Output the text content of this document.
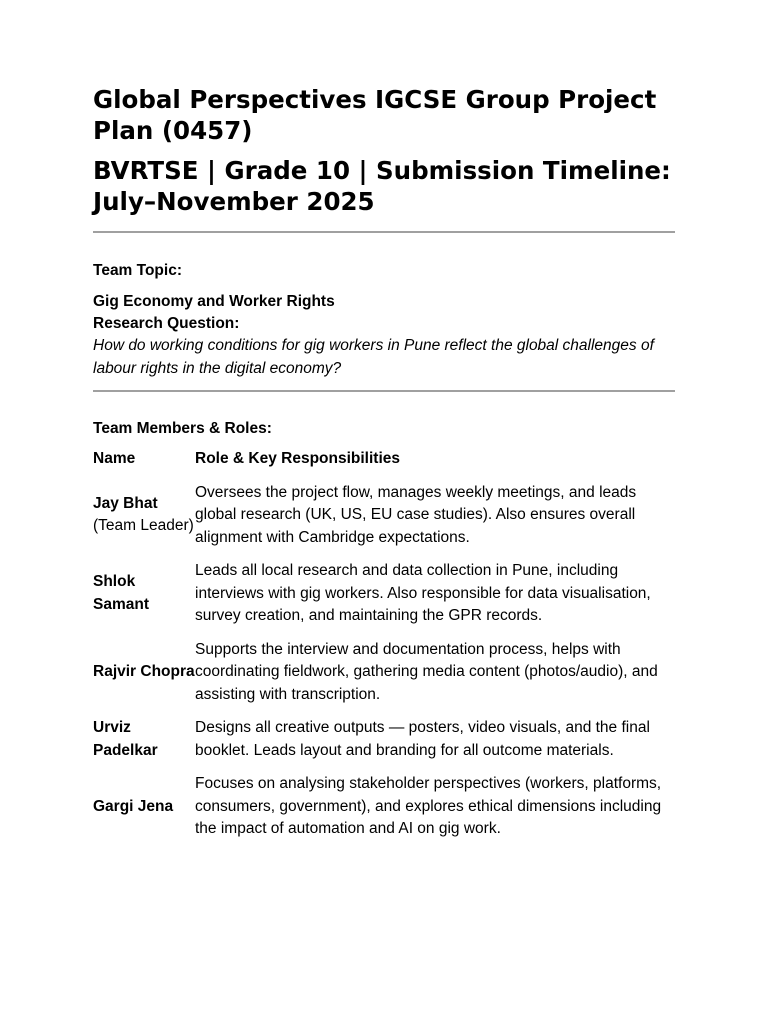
Global Perspectives IGCSE Group Project Plan (0457)
BVRTSE | Grade 10 | Submission Timeline: July–November 2025
Team Topic:
Gig Economy and Worker Rights
Research Question:
How do working conditions for gig workers in Pune reflect the global challenges of labour rights in the digital economy?
Team Members & Roles:
Name	Role & Key Responsibilities
Jay Bhat
(Team Leader)	Oversees the project flow, manages weekly meetings, and leads global research (UK, US, EU case studies). Also ensures overall alignment with Cambridge expectations.
Shlok Samant	Leads all local research and data collection in Pune, including interviews with gig workers. Also responsible for data visualisation, survey creation, and maintaining the GPR records.
Rajvir Chopra	Supports the interview and documentation process, helps with coordinating fieldwork, gathering media content (photos/audio), and assisting with transcription.
Urviz Padelkar	Designs all creative outputs — posters, video visuals, and the final booklet. Leads layout and branding for all outcome materials.
Gargi Jena	Focuses on analysing stakeholder perspectives (workers, platforms, consumers, government), and explores ethical dimensions including the impact of automation and AI on gig work.
